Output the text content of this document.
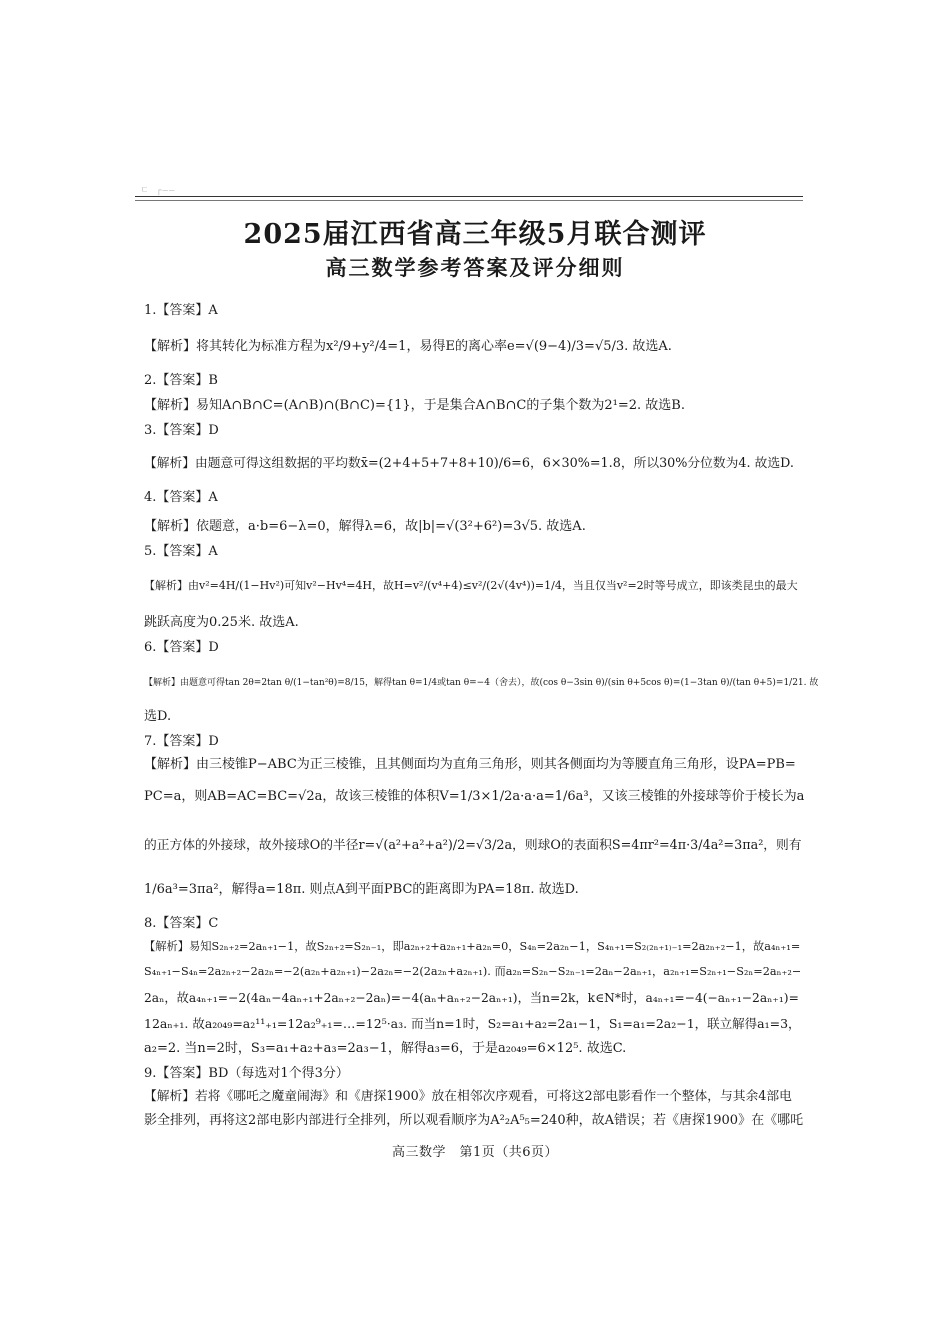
ㄷ ┌——
2025届江西省高三年级5月联合测评
高三数学参考答案及评分细则
1.【答案】A
【解析】将其转化为标准方程为x²/9+y²/4=1，易得E的离心率e=√(9−4)/3=√5/3. 故选A.
2.【答案】B
【解析】易知A∩B∩C=(A∩B)∩(B∩C)={1}，于是集合A∩B∩C的子集个数为2¹=2. 故选B.
3.【答案】D
【解析】由题意可得这组数据的平均数x̄=(2+4+5+7+8+10)/6=6，6×30%=1.8，所以30%分位数为4. 故选D.
4.【答案】A
【解析】依题意，a·b=6−λ=0，解得λ=6，故|b|=√(3²+6²)=3√5. 故选A.
5.【答案】A
【解析】由v²=4H/(1−Hv²)可知v²−Hv⁴=4H，故H=v²/(v⁴+4)≤v²/(2√(4v⁴))=1/4，当且仅当v²=2时等号成立，即该类昆虫的最大
跳跃高度为0.25米. 故选A.
6.【答案】D
【解析】由题意可得tan 2θ=2tan θ/(1−tan²θ)=8/15，解得tan θ=1/4或tan θ=−4（舍去），故(cos θ−3sin θ)/(sin θ+5cos θ)=(1−3tan θ)/(tan θ+5)=1/21. 故
选D.
7.【答案】D
【解析】由三棱锥P−ABC为正三棱锥，且其侧面均为直角三角形，则其各侧面均为等腰直角三角形，设PA=PB=
PC=a，则AB=AC=BC=√2a，故该三棱锥的体积V=1/3×1/2a·a·a=1/6a³，又该三棱锥的外接球等价于棱长为a
的正方体的外接球，故外接球O的半径r=√(a²+a²+a²)/2=√3/2a，则球O的表面积S=4πr²=4π·3/4a²=3πa²，则有
1/6a³=3πa²，解得a=18π. 则点A到平面PBC的距离即为PA=18π. 故选D.
8.【答案】C
【解析】易知S₂ₙ₊₂=2aₙ₊₁−1，故S₂ₙ₊₂=S₂ₙ₋₁，即a₂ₙ₊₂+a₂ₙ₊₁+a₂ₙ=0，S₄ₙ=2a₂ₙ−1，S₄ₙ₊₁=S₂₍₂ₙ₊₁₎₋₁=2a₂ₙ₊₂−1，故a₄ₙ₊₁=
S₄ₙ₊₁−S₄ₙ=2a₂ₙ₊₂−2a₂ₙ=−2(a₂ₙ+a₂ₙ₊₁)−2a₂ₙ=−2(2a₂ₙ+a₂ₙ₊₁). 而a₂ₙ=S₂ₙ−S₂ₙ₋₁=2aₙ−2aₙ₊₁，a₂ₙ₊₁=S₂ₙ₊₁−S₂ₙ=2aₙ₊₂−
2aₙ，故a₄ₙ₊₁=−2(4aₙ−4aₙ₊₁+2aₙ₊₂−2aₙ)=−4(aₙ+aₙ₊₂−2aₙ₊₁)，当n=2k，k∈N*时，a₄ₙ₊₁=−4(−aₙ₊₁−2aₙ₊₁)=
12aₙ₊₁. 故a₂₀₄₉=a₂¹¹₊₁=12a₂⁹₊₁=…=12⁵·a₃. 而当n=1时，S₂=a₁+a₂=2a₁−1，S₁=a₁=2a₂−1，联立解得a₁=3，
a₂=2. 当n=2时，S₃=a₁+a₂+a₃=2a₃−1，解得a₃=6，于是a₂₀₄₉=6×12⁵. 故选C.
9.【答案】BD（每选对1个得3分）
【解析】若将《哪吒之魔童闹海》和《唐探1900》放在相邻次序观看，可将这2部电影看作一个整体，与其余4部电
影全排列，再将这2部电影内部进行全排列，所以观看顺序为A²₂A⁵₅=240种，故A错误；若《唐探1900》在《哪吒
高三数学　第1页（共6页）
